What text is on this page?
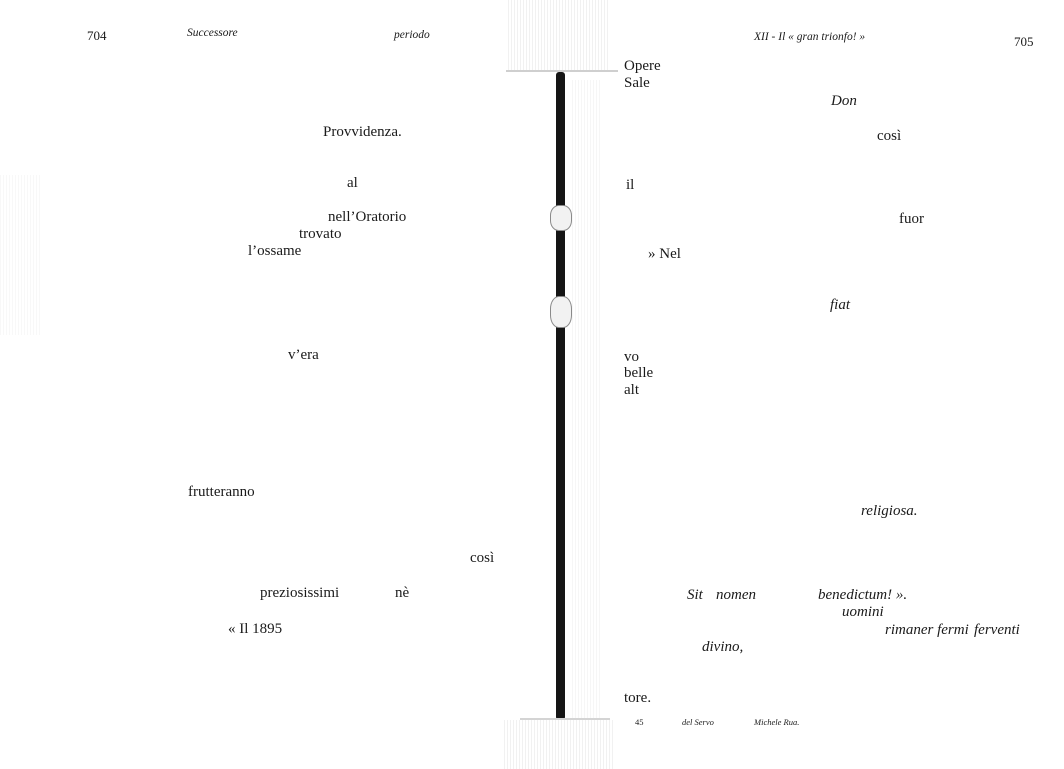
704	Successore	periodo
Provvidenza.
al
nell’Oratorio
trovato
l’ossame
v’era
frutteranno
così
preziosissimi	nè
« Il 1895
XII - Il « gran trionfo! »	705
Opere
Sale
Don
così
il
fuor
» Nel
fiat
vo
belle
alt
religiosa.
Sit nomen	benedictum! ».
uomini
rimaner fermi ferventi
divino,
tore.
45	del Servo	Michele Rua.
